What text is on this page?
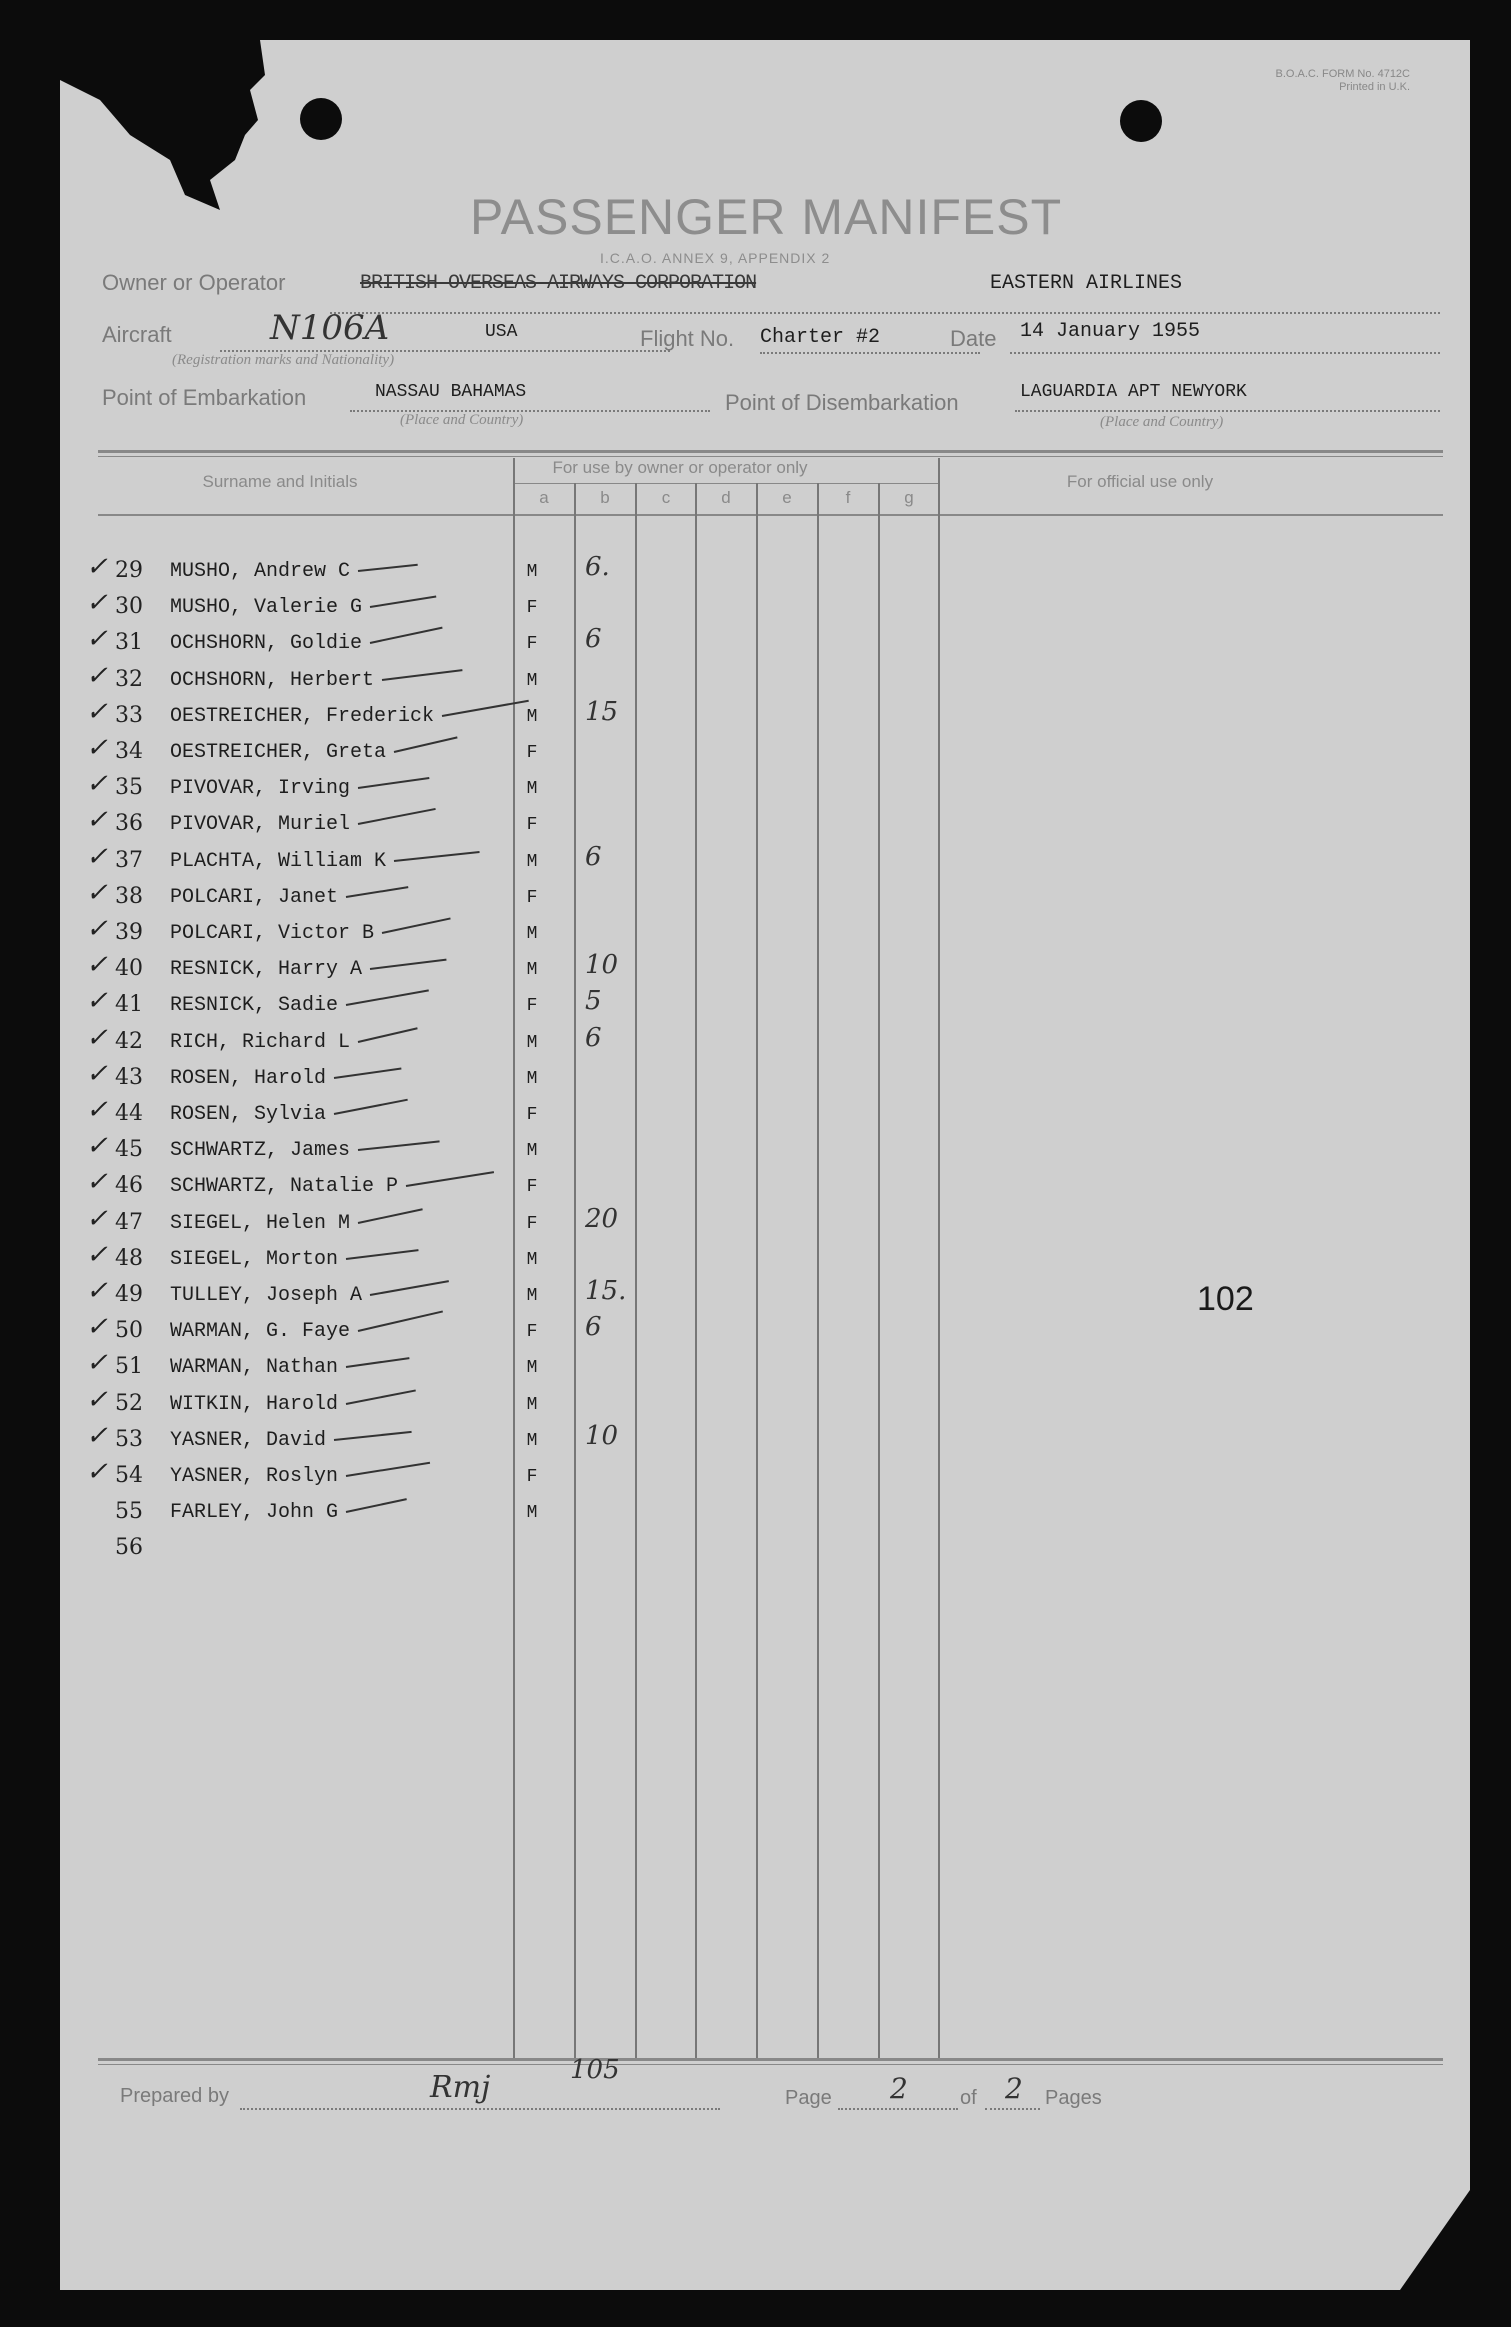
B.O.A.C. FORM No. 4712C
Printed in U.K.
PASSENGER MANIFEST
I.C.A.O. ANNEX 9, APPENDIX 2
Owner or Operator	BRITISH OVERSEAS AIRWAYS CORPORATION	EASTERN AIRLINES
Aircraft	N106A	USA
(Registration marks and Nationality)
Flight No. Charter #2	Date 14 January 1955
Point of Embarkation	NASSAU BAHAMAS
(Place and Country)
Point of Disembarkation	LAGUARDIA APT NEWYORK
(Place and Country)
Surname and Initials
For use by owner or operator only
For official use only
a	b	c	d	e	f	g
✓ 29 MUSHO, Andrew C	M 6.
✓ 30 MUSHO, Valerie G	F
✓ 31 OCHSHORN, Goldie	F 6
✓ 32 OCHSHORN, Herbert	M
✓ 33 OESTREICHER, Frederick	M 15
✓ 34 OESTREICHER, Greta	F
✓ 35 PIVOVAR, Irving	M
✓ 36 PIVOVAR, Muriel	F
✓ 37 PLACHTA, William K	M 6
✓ 38 POLCARI, Janet	F
✓ 39 POLCARI, Victor B	M
✓ 40 RESNICK, Harry A	M 10
✓ 41 RESNICK, Sadie	F 5
✓ 42 RICH, Richard L	M 6
✓ 43 ROSEN, Harold	M
✓ 44 ROSEN, Sylvia	F
✓ 45 SCHWARTZ, James	M
✓ 46 SCHWARTZ, Natalie P	F
✓ 47 SIEGEL, Helen M	F 20
✓ 48 SIEGEL, Morton	M
✓ 49 TULLEY, Joseph A	M 15.
✓ 50 WARMAN, G. Faye	F 6
✓ 51 WARMAN, Nathan	M
✓ 52 WITKIN, Harold	M
✓ 53 YASNER, David	M 10
✓ 54 YASNER, Roslyn	F
55 FARLEY, John G	M
56
102
Prepared by	Rmj	105
Page 2	of 2 Pages
